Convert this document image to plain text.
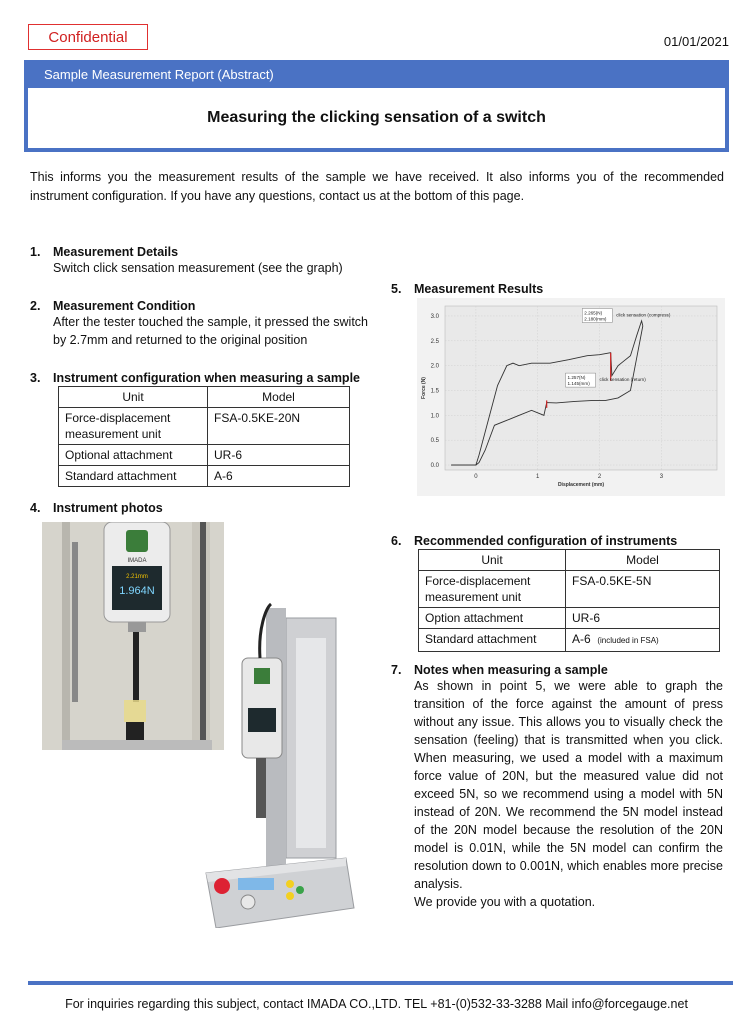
Confidential	01/01/2021
Sample Measurement Report (Abstract)
Measuring the clicking sensation of a switch
This informs you the measurement results of the sample we have received. It also informs you of the recommended instrument configuration. If you have any questions, contact us at the bottom of this page.
1. Measurement Details
Switch click sensation measurement (see the graph)
2. Measurement Condition
After the tester touched the sample, it pressed the switch by 2.7mm and returned to the original position
3. Instrument configuration when measuring a sample
Unit	Model
Force-displacement measurement unit	FSA-0.5KE-20N
Optional attachment	UR-6
Standard attachment	A-6
4. Instrument photos
2.21mm
1.964N
IMADA
5. Measurement Results
0	1	2	3
0.0
0.5
1.0
1.5
2.0
2.5
3.0
2.265(N)
2.180(mm)
click sensation (compress)
1.257(N)
1.145(mm)
click sensation (return)
Displacement (mm)
Force (N)
6. Recommended configuration of instruments
Unit	Model
Force-displacement measurement unit	FSA-0.5KE-5N
Option attachment	UR-6
Standard attachment	A-6 (included in FSA)
7. Notes when measuring a sample
As shown in point 5, we were able to graph the transition of the force against the amount of press without any issue. This allows you to visually check the sensation (feeling) that is transmitted when you click. When measuring, we used a model with a maximum force value of 20N, but the measured value did not exceed 5N, so we recommend using a model with 5N instead of 20N. We recommend the 5N model instead of the 20N model because the resolution of the 20N model is 0.01N, while the 5N model can confirm the resolution down to 0.001N, which enables more precise analysis.
We provide you with a quotation.
For inquiries regarding this subject, contact IMADA CO.,LTD. TEL +81-(0)532-33-3288 Mail info@forcegauge.net
